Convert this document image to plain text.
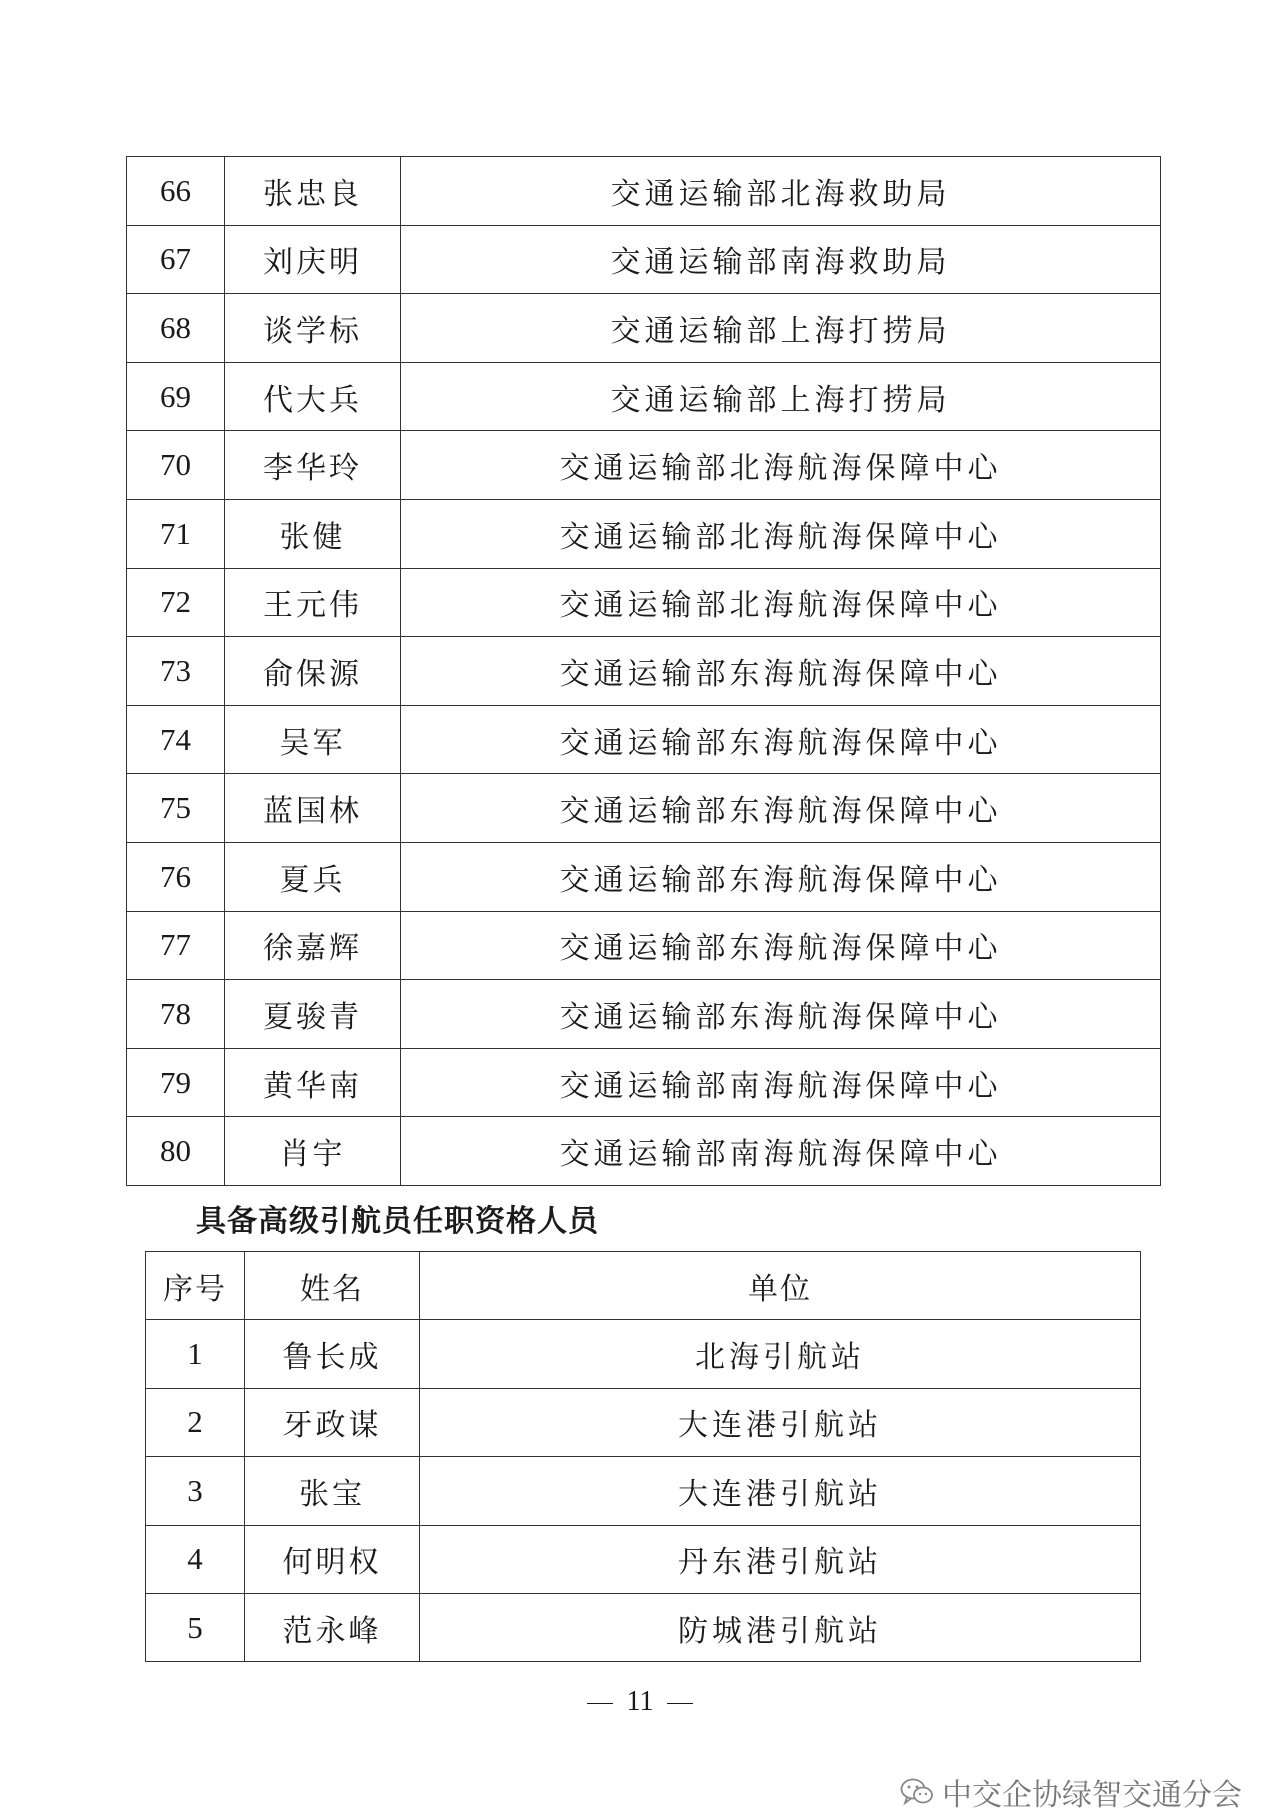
66	张忠良	交通运输部北海救助局
67	刘庆明	交通运输部南海救助局
68	谈学标	交通运输部上海打捞局
69	代大兵	交通运输部上海打捞局
70	李华玲	交通运输部北海航海保障中心
71	张健	交通运输部北海航海保障中心
72	王元伟	交通运输部北海航海保障中心
73	俞保源	交通运输部东海航海保障中心
74	吴军	交通运输部东海航海保障中心
75	蓝国林	交通运输部东海航海保障中心
76	夏兵	交通运输部东海航海保障中心
77	徐嘉辉	交通运输部东海航海保障中心
78	夏骏青	交通运输部东海航海保障中心
79	黄华南	交通运输部南海航海保障中心
80	肖宇	交通运输部南海航海保障中心
具备高级引航员任职资格人员
序号	姓名	单位
1	鲁长成	北海引航站
2	牙政谋	大连港引航站
3	张宝	大连港引航站
4	何明权	丹东港引航站
5	范永峰	防城港引航站
11
中交企协绿智交通分会
